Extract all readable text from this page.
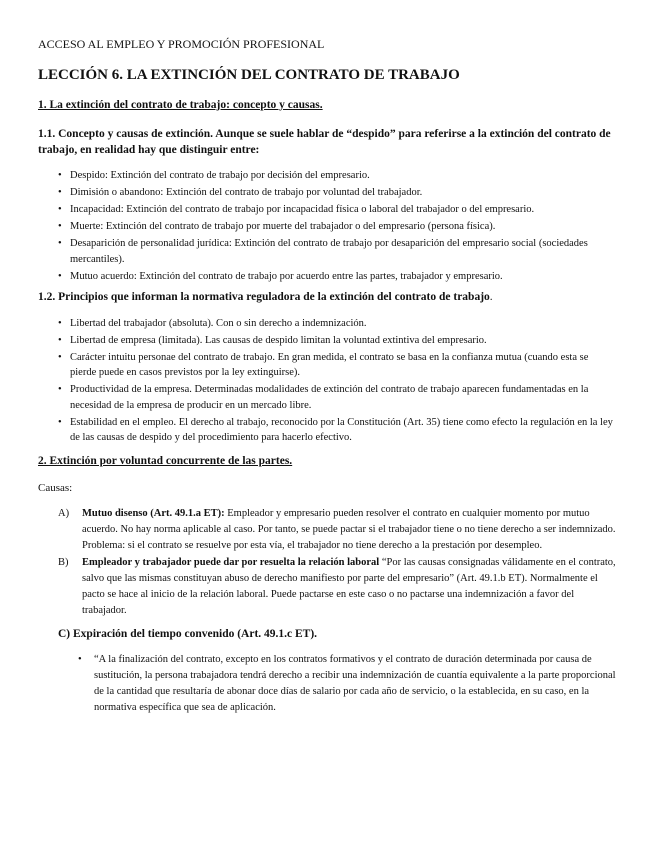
ACCESO AL EMPLEO Y PROMOCIÓN PROFESIONAL

LECCIÓN 6. LA EXTINCIÓN DEL CONTRATO DE TRABAJO

1. La extinción del contrato de trabajo: concepto y causas.

1.1. Concepto y causas de extinción. Aunque se suele hablar de “despido” para referirse a la extinción del contrato de trabajo, en realidad hay que distinguir entre:

• Despido: Extinción del contrato de trabajo por decisión del empresario.
• Dimisión o abandono: Extinción del contrato de trabajo por voluntad del trabajador.
• Incapacidad: Extinción del contrato de trabajo por incapacidad física o laboral del trabajador o del empresario.
• Muerte: Extinción del contrato de trabajo por muerte del trabajador o del empresario (persona física).
• Desaparición de personalidad jurídica: Extinción del contrato de trabajo por desaparición del empresario social (sociedades mercantiles).
• Mutuo acuerdo: Extinción del contrato de trabajo por acuerdo entre las partes, trabajador y empresario.

1.2. Principios que informan la normativa reguladora de la extinción del contrato de trabajo.

• Libertad del trabajador (absoluta). Con o sin derecho a indemnización.
• Libertad de empresa (limitada). Las causas de despido limitan la voluntad extintiva del empresario.
• Carácter intuitu personae del contrato de trabajo. En gran medida, el contrato se basa en la confianza mutua (cuando esta se pierde puede en casos previstos por la ley extinguirse).
• Productividad de la empresa. Determinadas modalidades de extinción del contrato de trabajo aparecen fundamentadas en la necesidad de la empresa de producir en un mercado libre.
• Estabilidad en el empleo. El derecho al trabajo, reconocido por la Constitución (Art. 35) tiene como efecto la regulación en la ley de las causas de despido y del procedimiento para hacerlo efectivo.

2. Extinción por voluntad concurrente de las partes.

Causas:

A) Mutuo disenso (Art. 49.1.a ET): Empleador y empresario pueden resolver el contrato en cualquier momento por mutuo acuerdo. No hay norma aplicable al caso. Por tanto, se puede pactar si el trabajador tiene o no tiene derecho a ser indemnizado. Problema: si el contrato se resuelve por esta vía, el trabajador no tiene derecho a la prestación por desempleo.
B) Empleador y trabajador puede dar por resuelta la relación laboral “Por las causas consignadas válidamente en el contrato, salvo que las mismas constituyan abuso de derecho manifiesto por parte del empresario” (Art. 49.1.b ET). Normalmente el pacto se hace al inicio de la relación laboral. Puede pactarse en este caso o no pactarse una indemnización a favor del trabajador.

C) Expiración del tiempo convenido (Art. 49.1.c ET).

• “A la finalización del contrato, excepto en los contratos formativos y el contrato de duración determinada por causa de sustitución, la persona trabajadora tendrá derecho a recibir una indemnización de cuantía equivalente a la parte proporcional de la cantidad que resultaría de abonar doce días de salario por cada año de servicio, o la establecida, en su caso, en la normativa específica que sea de aplicación.
